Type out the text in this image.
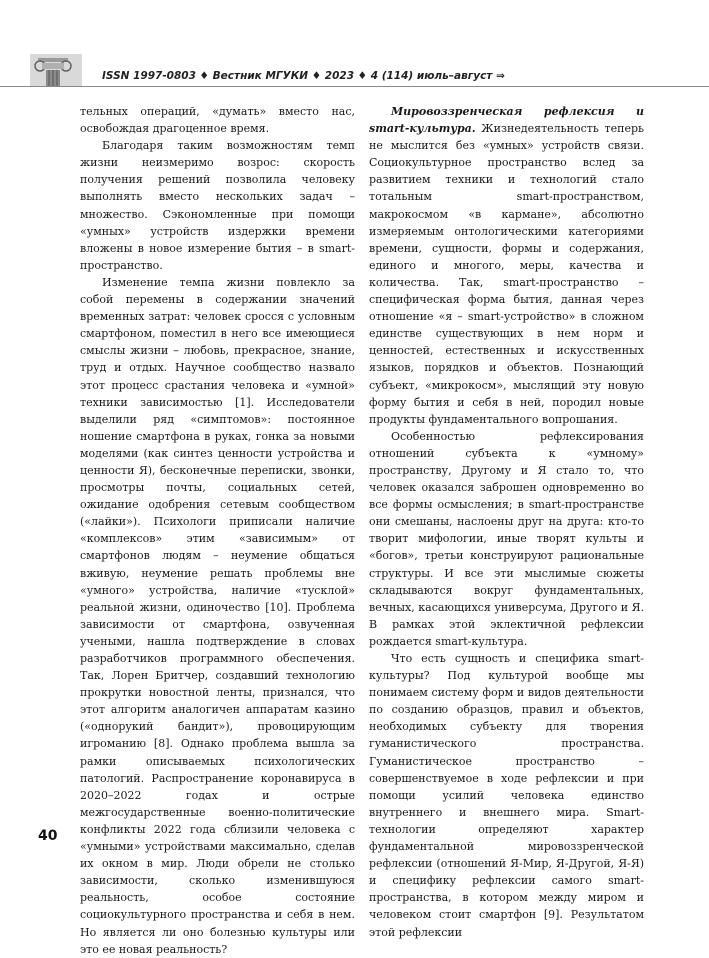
ISSN 1997-0803 ♦ Вестник МГУКИ ♦ 2023 ♦ 4 (114) июль–август ⇒

тельных операций, «думать» вместо нас, освобождая драгоценное время.

Благодаря таким возможностям темп жизни неизмеримо возрос: скорость получения решений позволила человеку выполнять вместо нескольких задач – множество. Сэкономленные при помощи «умных» устройств издержки времени вложены в новое измерение бытия – в smart-пространство.

Изменение темпа жизни повлекло за собой перемены в содержании значений временных затрат: человек сросся с условным смартфоном, поместил в него все имеющиеся смыслы жизни – любовь, прекрасное, знание, труд и отдых. Научное сообщество назвало этот процесс срастания человека и «умной» техники зависимостью [1]. Исследователи выделили ряд «симптомов»: постоянное ношение смартфона в руках, гонка за новыми моделями (как синтез ценности устройства и ценности Я), бесконечные переписки, звонки, просмотры почты, социальных сетей, ожидание одобрения сетевым сообществом («лайки»). Психологи приписали наличие «комплексов» этим «зависимым» от смартфонов людям – неумение общаться вживую, неумение решать проблемы вне «умного» устройства, наличие «тусклой» реальной жизни, одиночество [10]. Проблема зависимости от смартфона, озвученная учеными, нашла подтверждение в словах разработчиков программного обеспечения. Так, Лорен Бритчер, создавший технологию прокрутки новостной ленты, признался, что этот алгоритм аналогичен аппаратам казино («однорукий бандит»), провоцирующим игроманию [8]. Однако проблема вышла за рамки описываемых психологических патологий. Распространение коронавируса в 2020–2022 годах и острые межгосударственные военно-политические конфликты 2022 года сблизили человека с «умными» устройствами максимально, сделав их окном в мир. Люди обрели не столько зависимости, сколько изменившуюся реальность, особое состояние социокультурного пространства и себя в нем. Но является ли оно болезнью культуры или это ее новая реальность?

Мировоззренческая рефлексия и smart-культура. Жизнедеятельность теперь не мыслится без «умных» устройств связи. Социокультурное пространство вслед за развитием техники и технологий стало тотальным smart-пространством, макрокосмом «в кармане», абсолютно измеряемым онтологическими категориями времени, сущности, формы и содержания, единого и многого, меры, качества и количества. Так, smart-пространство – специфическая форма бытия, данная через отношение «я – smart-устройство» в сложном единстве существующих в нем норм и ценностей, естественных и искусственных языков, порядков и объектов. Познающий субъект, «микрокосм», мыслящий эту новую форму бытия и себя в ней, породил новые продукты фундаментального вопрошания.

Особенностью рефлексирования отношений субъекта к «умному» пространству, Другому и Я стало то, что человек оказался заброшен одновременно во все формы осмысления; в smart-пространстве они смешаны, наслоены друг на друга: кто-то творит мифологии, иные творят культы и «богов», третьи конструируют рациональные структуры. И все эти мыслимые сюжеты складываются вокруг фундаментальных, вечных, касающихся универсума, Другого и Я. В рамках этой эклектичной рефлексии рождается smart-культура.

Что есть сущность и специфика smart-культуры? Под культурой вообще мы понимаем систему форм и видов деятельности по созданию образцов, правил и объектов, необходимых субъекту для творения гуманистического пространства. Гуманистическое пространство – совершенствуемое в ходе рефлексии и при помощи усилий человека единство внутреннего и внешнего мира. Smart-технологии определяют характер фундаментальной мировоззренческой рефлексии (отношений Я-Мир, Я-Другой, Я-Я) и специфику рефлексии самого smart-пространства, в котором между миром и человеком стоит смартфон [9]. Результатом этой рефлексии

40
